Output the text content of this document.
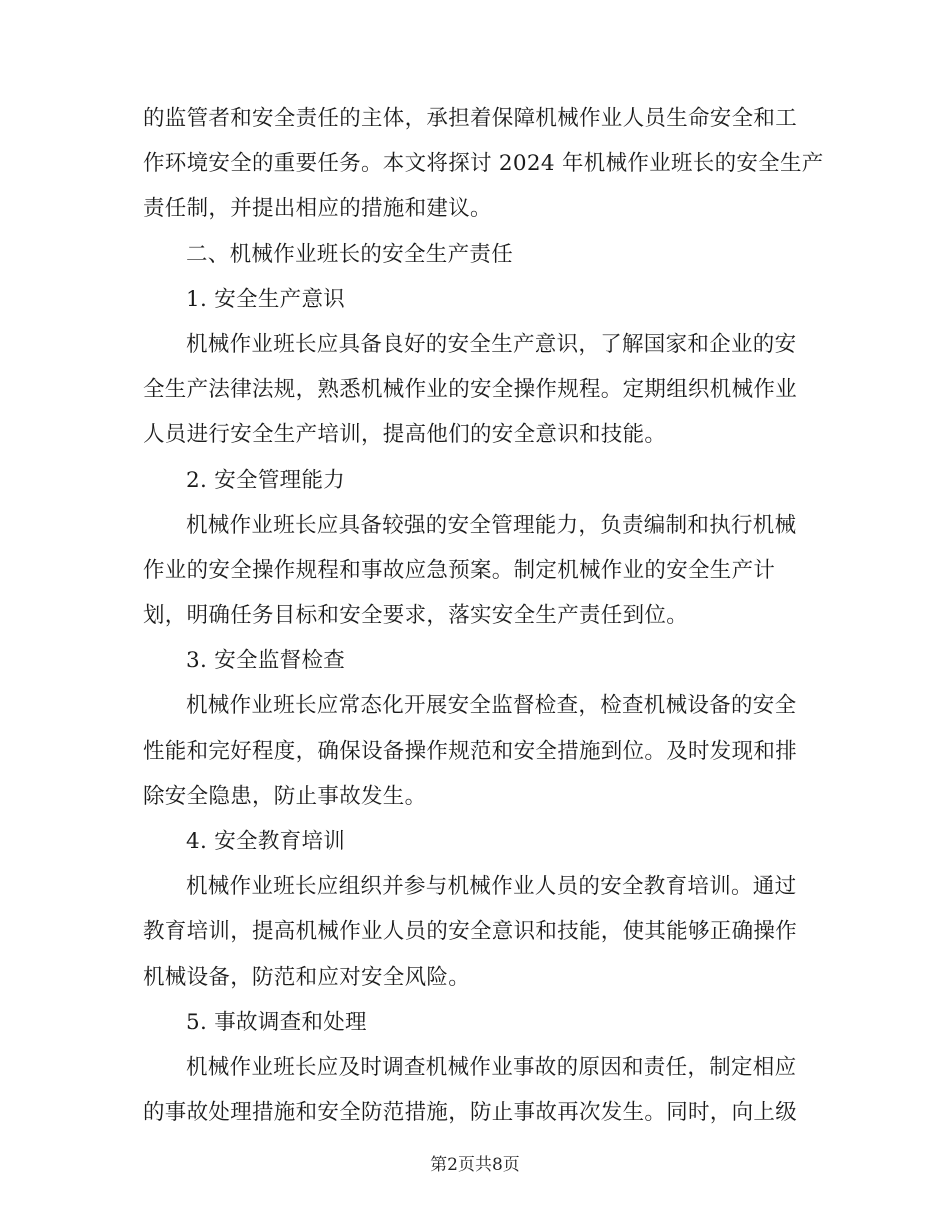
的监管者和安全责任的主体，承担着保障机械作业人员生命安全和工
作环境安全的重要任务。本文将探讨 2024 年机械作业班长的安全生产
责任制，并提出相应的措施和建议。
二、机械作业班长的安全生产责任
1. 安全生产意识
机械作业班长应具备良好的安全生产意识，了解国家和企业的安
全生产法律法规，熟悉机械作业的安全操作规程。定期组织机械作业
人员进行安全生产培训，提高他们的安全意识和技能。
2. 安全管理能力
机械作业班长应具备较强的安全管理能力，负责编制和执行机械
作业的安全操作规程和事故应急预案。制定机械作业的安全生产计
划，明确任务目标和安全要求，落实安全生产责任到位。
3. 安全监督检查
机械作业班长应常态化开展安全监督检查，检查机械设备的安全
性能和完好程度，确保设备操作规范和安全措施到位。及时发现和排
除安全隐患，防止事故发生。
4. 安全教育培训
机械作业班长应组织并参与机械作业人员的安全教育培训。通过
教育培训，提高机械作业人员的安全意识和技能，使其能够正确操作
机械设备，防范和应对安全风险。
5. 事故调查和处理
机械作业班长应及时调查机械作业事故的原因和责任，制定相应
的事故处理措施和安全防范措施，防止事故再次发生。同时，向上级
第2页共8页
